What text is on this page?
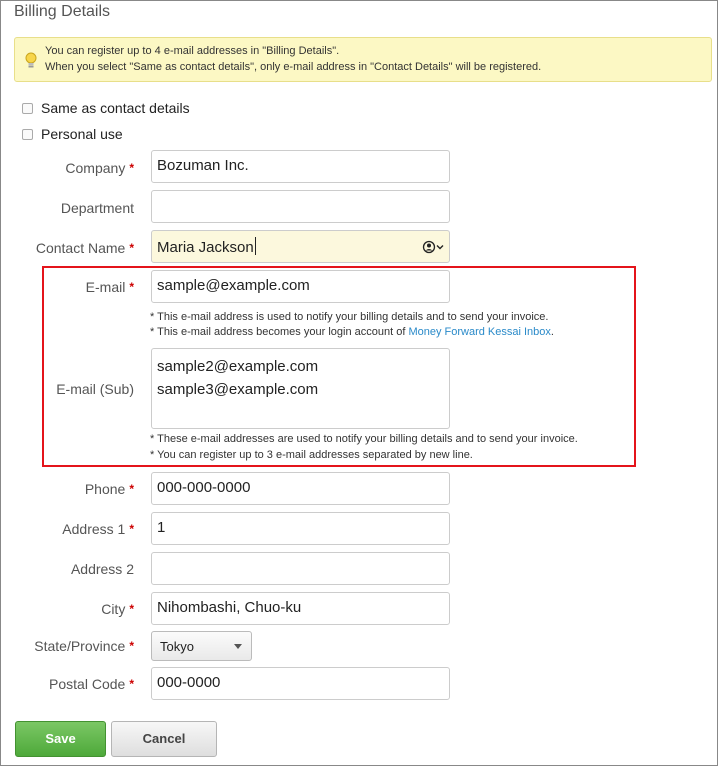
Billing Details
You can register up to 4 e-mail addresses in "Billing Details".
When you select "Same as contact details", only e-mail address in "Contact Details" will be registered.
Same as contact details
Personal use
Company *	Bozuman Inc.
Department
Contact Name *	Maria Jackson
E-mail *	sample@example.com
* This e-mail address is used to notify your billing details and to send your invoice.
* This e-mail address becomes your login account of Money Forward Kessai Inbox.
E-mail (Sub)
sample2@example.com
sample3@example.com
* These e-mail addresses are used to notify your billing details and to send your invoice.
* You can register up to 3 e-mail addresses separated by new line.
Phone *	000-000-0000
Address 1 *	1
Address 2
City *	Nihombashi, Chuo-ku
State/Province *	Tokyo
Postal Code *	000-0000
Save	Cancel
